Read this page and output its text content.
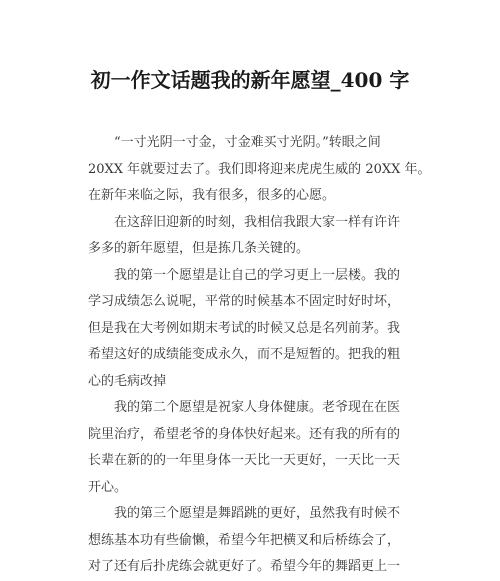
初一作文话题我的新年愿望_400 字
　　“一寸光阴一寸金，寸金难买寸光阴。”转眼之间
20XX 年就要过去了。我们即将迎来虎虎生威的 20XX 年。
在新年来临之际，我有很多，很多的心愿。
　　在这辞旧迎新的时刻，我相信我跟大家一样有许许
多多的新年愿望，但是拣几条关键的。
　　我的第一个愿望是让自己的学习更上一层楼。我的
学习成绩怎么说呢，平常的时候基本不固定时好时坏，
但是我在大考例如期末考试的时候又总是名列前茅。我
希望这好的成绩能变成永久，而不是短暂的。把我的粗
心的毛病改掉
　　我的第二个愿望是祝家人身体健康。老爷现在在医
院里治疗，希望老爷的身体快好起来。还有我的所有的
长辈在新的的一年里身体一天比一天更好，一天比一天
开心。
　　我的第三个愿望是舞蹈跳的更好，虽然我有时候不
想练基本功有些偷懒，希望今年把横叉和后桥练会了，
对了还有后扑虎练会就更好了。希望今年的舞蹈更上一
